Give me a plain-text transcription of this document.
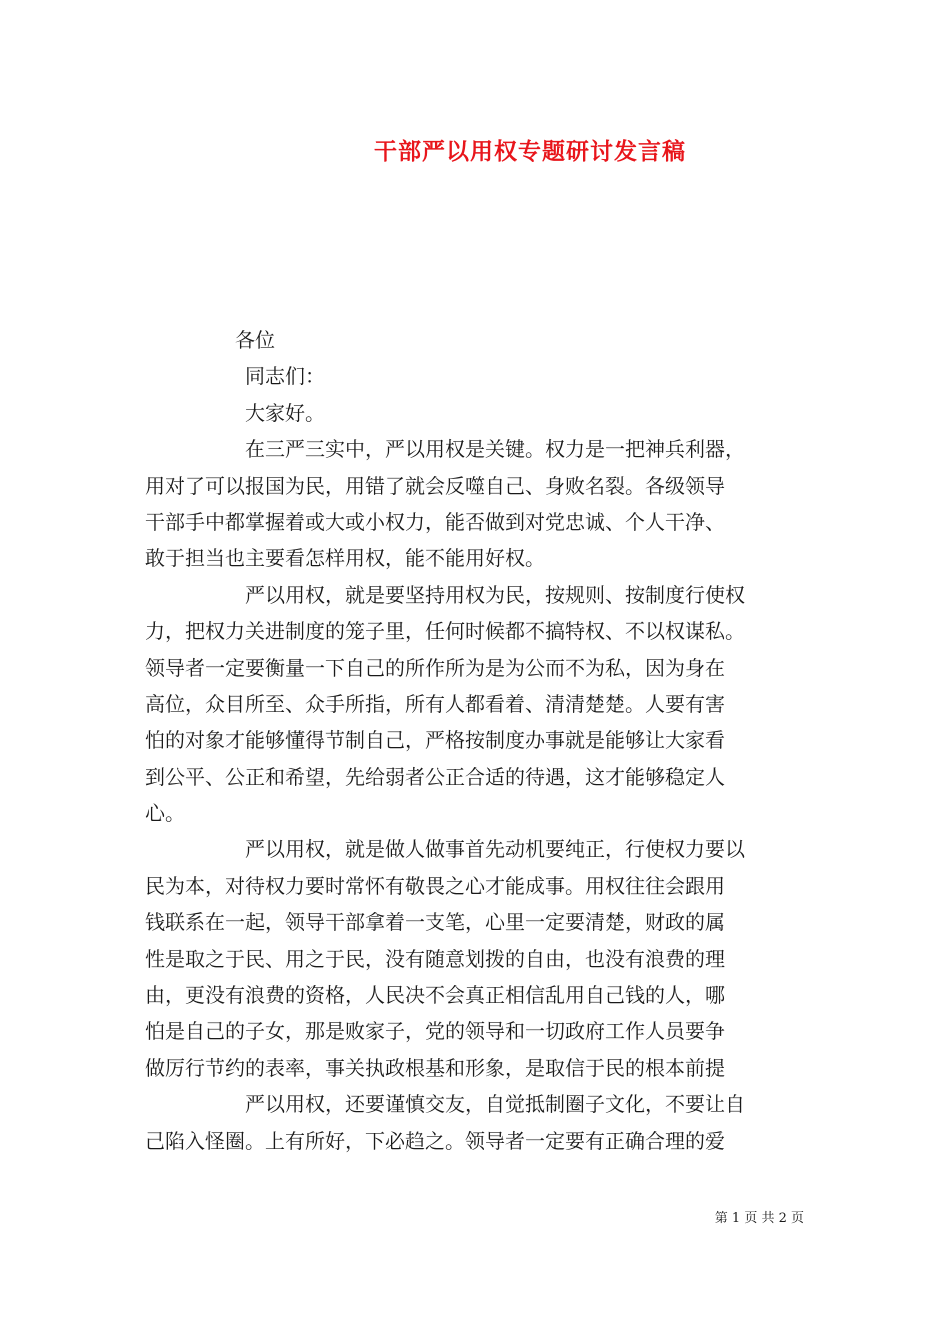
干部严以用权专题研讨发言稿
各位
同志们：
大家好。
在三严三实中，严以用权是关键。权力是一把神兵利器，
用对了可以报国为民，用错了就会反噬自己、身败名裂。各级领导
干部手中都掌握着或大或小权力，能否做到对党忠诚、个人干净、
敢于担当也主要看怎样用权，能不能用好权。
严以用权，就是要坚持用权为民，按规则、按制度行使权
力，把权力关进制度的笼子里，任何时候都不搞特权、不以权谋私。
领导者一定要衡量一下自己的所作所为是为公而不为私，因为身在
高位，众目所至、众手所指，所有人都看着、清清楚楚。人要有害
怕的对象才能够懂得节制自己，严格按制度办事就是能够让大家看
到公平、公正和希望，先给弱者公正合适的待遇，这才能够稳定人
心。
严以用权，就是做人做事首先动机要纯正，行使权力要以
民为本，对待权力要时常怀有敬畏之心才能成事。用权往往会跟用
钱联系在一起，领导干部拿着一支笔，心里一定要清楚，财政的属
性是取之于民、用之于民，没有随意划拨的自由，也没有浪费的理
由，更没有浪费的资格，人民决不会真正相信乱用自己钱的人，哪
怕是自己的子女，那是败家子，党的领导和一切政府工作人员要争
做厉行节约的表率，事关执政根基和形象，是取信于民的根本前提
严以用权，还要谨慎交友，自觉抵制圈子文化，不要让自
己陷入怪圈。上有所好，下必趋之。领导者一定要有正确合理的爱
第 1 页 共 2 页
